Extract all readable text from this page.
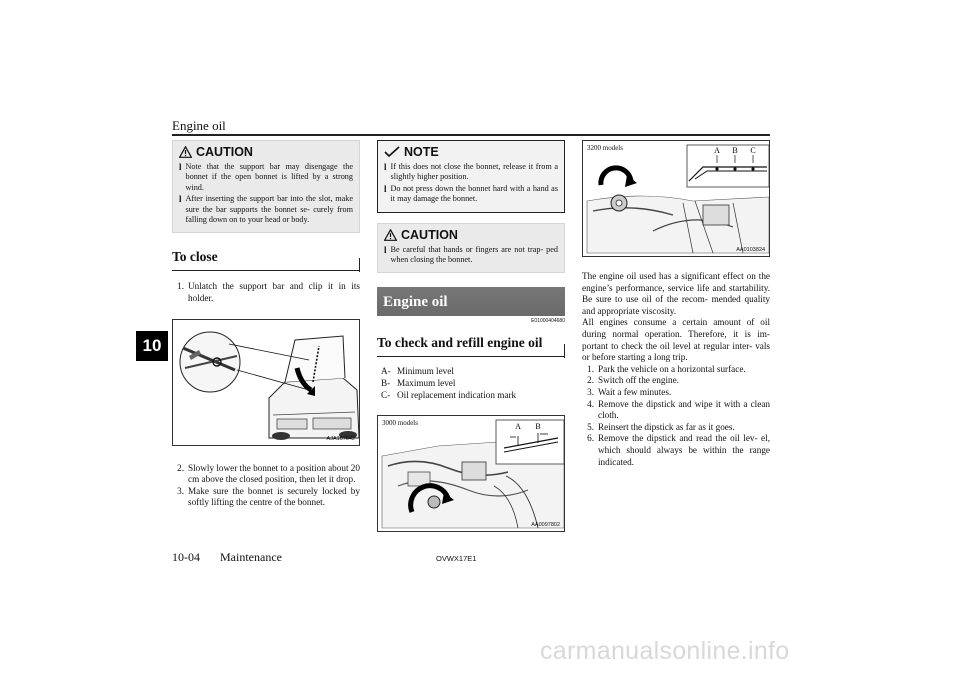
Engine oil
10
CAUTION
l Note that the support bar may disengage the bonnet if the open bonnet is lifted by a strong wind.
l After inserting the support bar into the slot, make sure the bar supports the bonnet se- curely from falling down on to your head or body.
To close
1. Unlatch the support bar and clip it in its holder.
AJA107642
2. Slowly lower the bonnet to a position about 20 cm above the closed position, then let it drop.
3. Make sure the bonnet is securely locked by softly lifting the centre of the bonnet.
NOTE
l If this does not close the bonnet, release it from a slightly higher position.
l Do not press down the bonnet hard with a hand as it may damage the bonnet.
CAUTION
l Be careful that hands or fingers are not trap- ped when closing the bonnet.
Engine oil
E01000404680
To check and refill engine oil
A- Minimum level
B- Maximum level
C- Oil replacement indication mark
A B
3000 models
AA0097802
A B C
3200 models
AA0103824

The engine oil used has a significant effect on the engine’s performance, service life and startability. Be sure to use oil of the recom- mended quality and appropriate viscosity.

All engines consume a certain amount of oil during normal operation. Therefore, it is im- portant to check the oil level at regular inter- vals or before starting a long trip.

1. Park the vehicle on a horizontal surface.
2. Switch off the engine.
3. Wait a few minutes.
4. Remove the dipstick and wipe it with a clean cloth.
5. Reinsert the dipstick as far as it goes.
6. Remove the dipstick and read the oil lev- el, which should always be within the range indicated.
10-04 Maintenance	OVWX17E1
carmanualsonline.info
